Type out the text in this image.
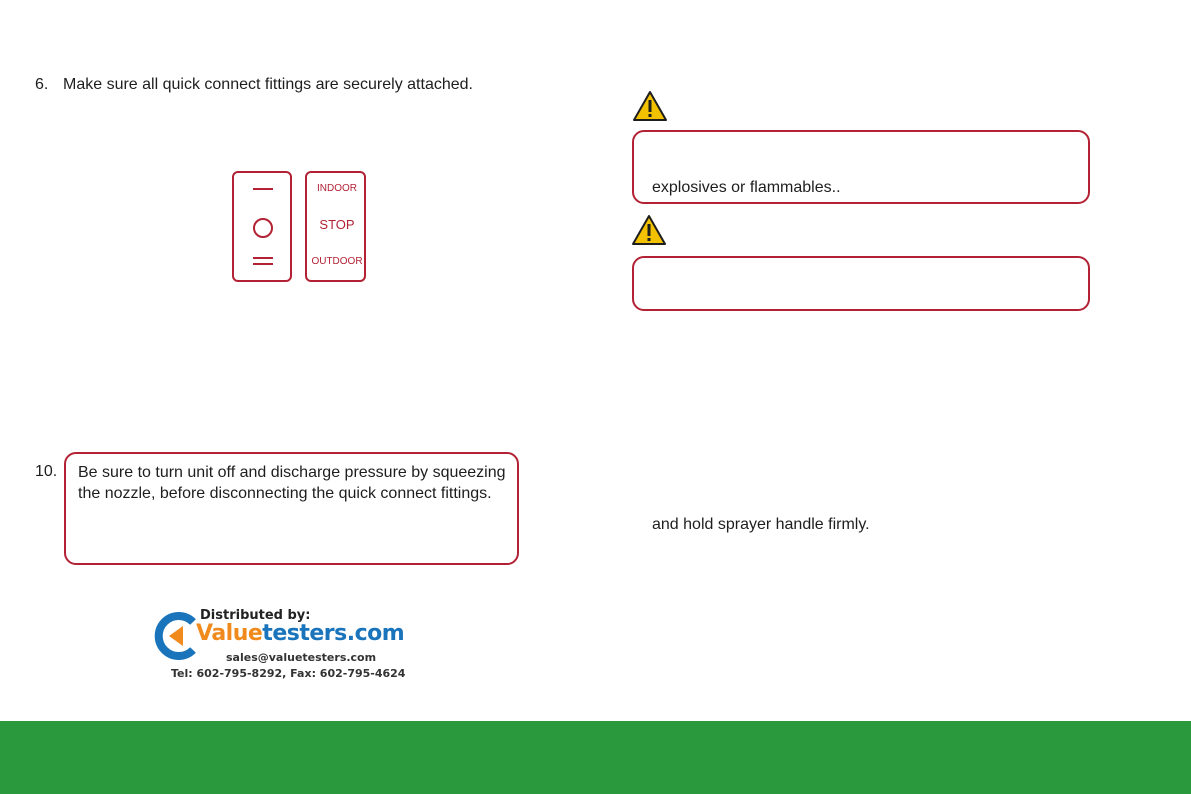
6. Make sure all quick connect fittings are securely attached.
INDOOR
STOP
OUTDOOR
10. Be sure to turn unit off and discharge pressure by squeezing
the nozzle, before disconnecting the quick connect fittings.
Distributed by:
Valuetesters.com
sales@valuetesters.com
Tel: 602-795-8292, Fax: 602-795-4624
explosives or flammables..
and hold sprayer handle firmly.
